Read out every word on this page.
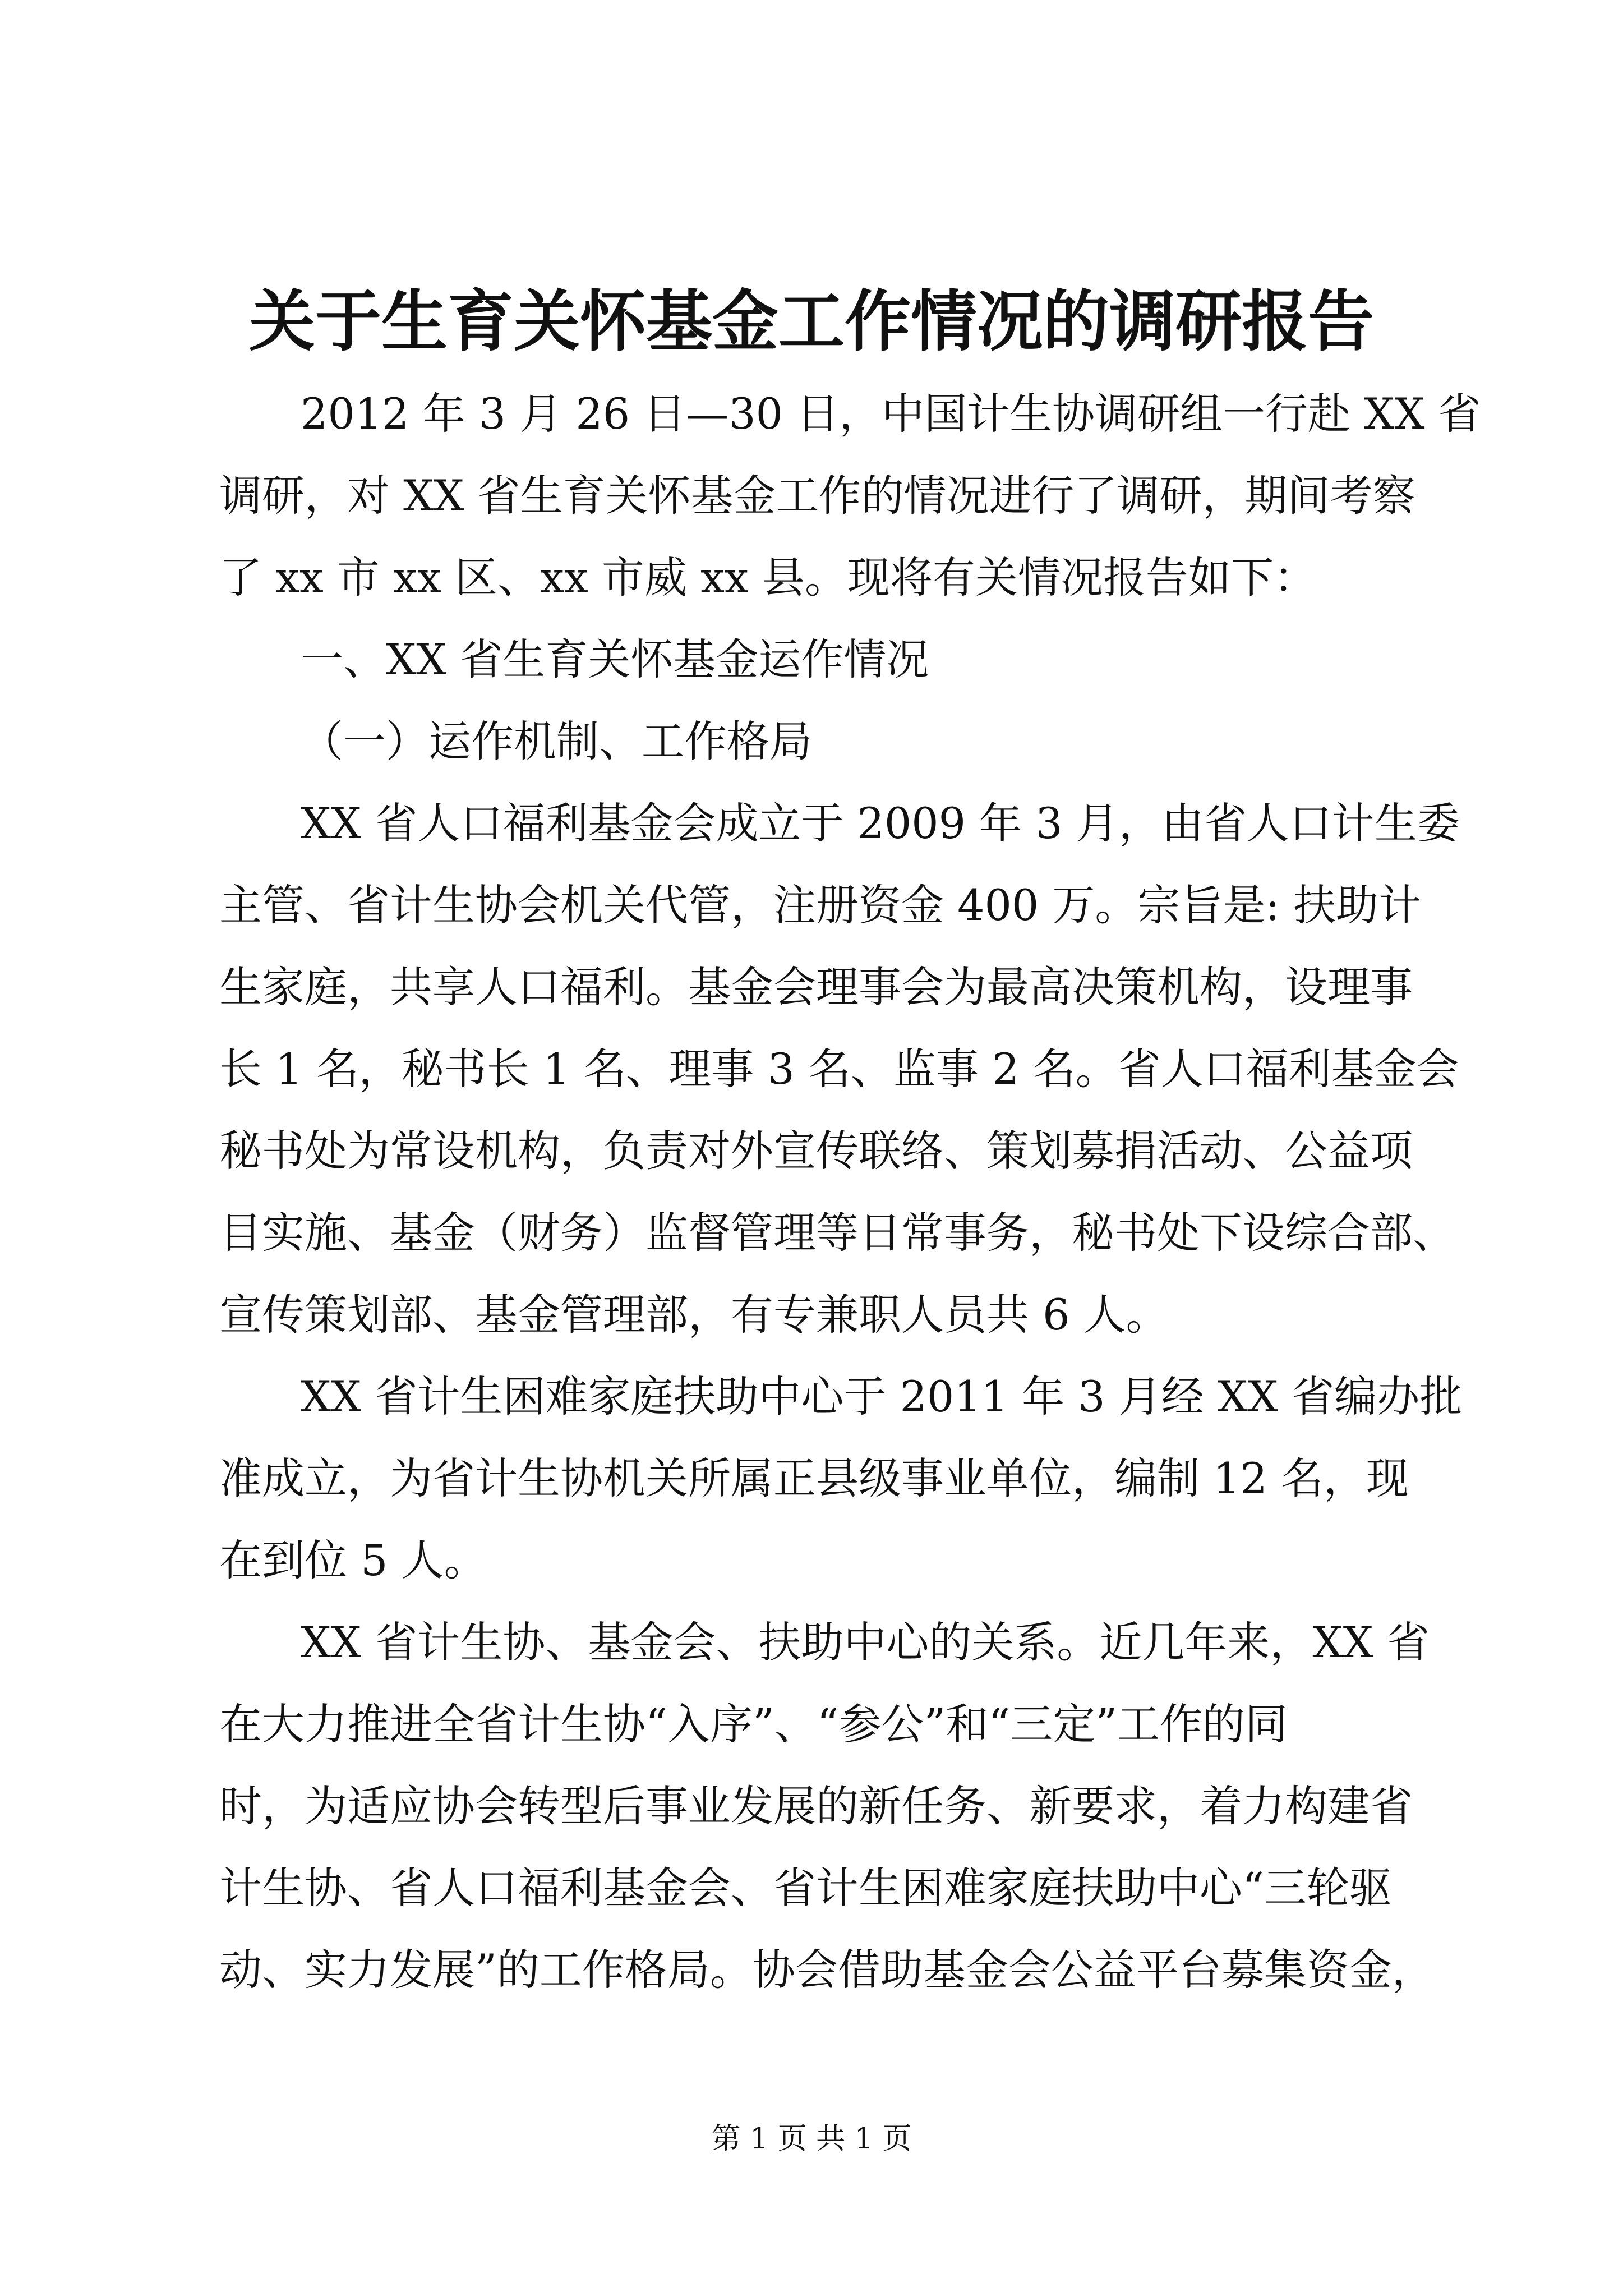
关于生育关怀基金工作情况的调研报告
2012 年 3 月 26 日—30 日，中国计生协调研组一行赴 XX 省
调研，对 XX 省生育关怀基金工作的情况进行了调研，期间考察
了 xx 市 xx 区、xx 市威 xx 县。现将有关情况报告如下：
一、XX 省生育关怀基金运作情况
（一）运作机制、工作格局
XX 省人口福利基金会成立于 2009 年 3 月，由省人口计生委
主管、省计生协会机关代管，注册资金 400 万。宗旨是: 扶助计
生家庭，共享人口福利。基金会理事会为最高决策机构，设理事
长 1 名，秘书长 1 名、理事 3 名、监事 2 名。省人口福利基金会
秘书处为常设机构，负责对外宣传联络、策划募捐活动、公益项
目实施、基金（财务）监督管理等日常事务，秘书处下设综合部、
宣传策划部、基金管理部，有专兼职人员共 6 人。
XX 省计生困难家庭扶助中心于 2011 年 3 月经 XX 省编办批
准成立，为省计生协机关所属正县级事业单位，编制 12 名，现
在到位 5 人。
XX 省计生协、基金会、扶助中心的关系。近几年来，XX 省
在大力推进全省计生协“入序”、“参公”和“三定”工作的同
时，为适应协会转型后事业发展的新任务、新要求，着力构建省
计生协、省人口福利基金会、省计生困难家庭扶助中心“三轮驱
动、实力发展”的工作格局。协会借助基金会公益平台募集资金，
第 1 页 共 1 页
